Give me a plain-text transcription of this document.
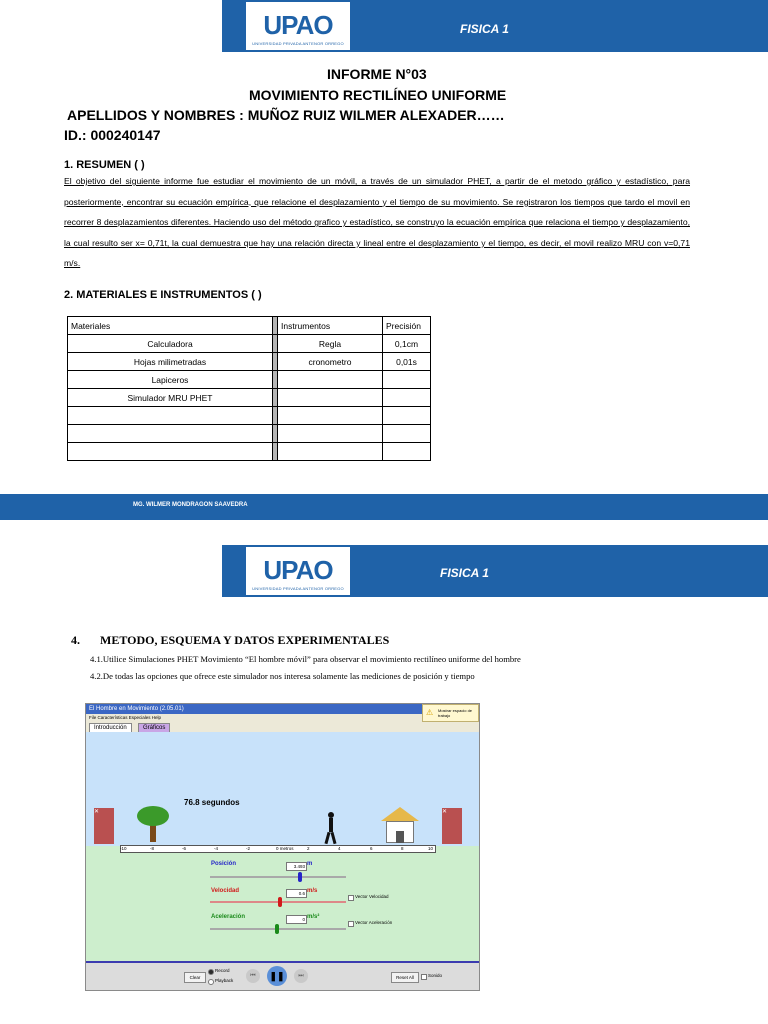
UPAO
UNIVERSIDAD PRIVADA ANTENOR ORREGO
FISICA 1
INFORME N°03
MOVIMIENTO RECTILÍNEO UNIFORME
APELLIDOS Y NOMBRES : MUÑOZ RUIZ WILMER ALEXADER……
ID.: 000240147
1. RESUMEN ( )
El objetivo del siguiente informe fue estudiar el movimiento de un móvil, a través de un simulador PHET, a partir de el metodo gráfico y estadístico, para posteriormente, encontrar su ecuación empírica, que relacione el desplazamiento y el tiempo de su movimiento. Se registraron los tiempos que tardo el movil en recorrer 8 desplazamientos diferentes. Haciendo uso del método grafico y estadístico, se construyo la ecuación empírica que relaciona el tiempo y desplazamiento, la cual resulto ser x= 0,71t, la cual demuestra que hay una relación directa y lineal entre el desplazamiento y el tiempo, es decir, el movil realizo MRU con v=0,71 m/s.
2. MATERIALES E INSTRUMENTOS ( )
Materiales		Instrumentos	Precisión
Calculadora		Regla	0,1cm
Hojas milimetradas		cronometro	0,01s
Lapiceros			
Simulador MRU PHET			

MG. WILMER MONDRAGON SAAVEDRA
UPAO
UNIVERSIDAD PRIVADA ANTENOR ORREGO
FISICA 1
4. METODO, ESQUEMA Y DATOS EXPERIMENTALES
4.1.Utilice Simulaciones PHET Movimiento “El hombre móvil” para observar el movimiento rectilíneo uniforme del hombre
4.2.De todas las opciones que ofrece este simulador nos interesa solamente las mediciones de posición y tiempo
El Hombre en Movimiento (2.05.01)
File Características Especiales Help
⚠ Mostrar espacio de trabajo
Introducción	Gráficos
✕	✕
76.8 segundos
-10	-8	-6	-4	-2	0 metros	2	4	6	8	10
Posición	3.493 m
Velocidad	0.6 m/s
Vector Velocidad
Aceleración	0 m/s²
Vector Aceleración
Clear
Record
Playback
⏮	❚❚	⏭	Reset All	Sonido
